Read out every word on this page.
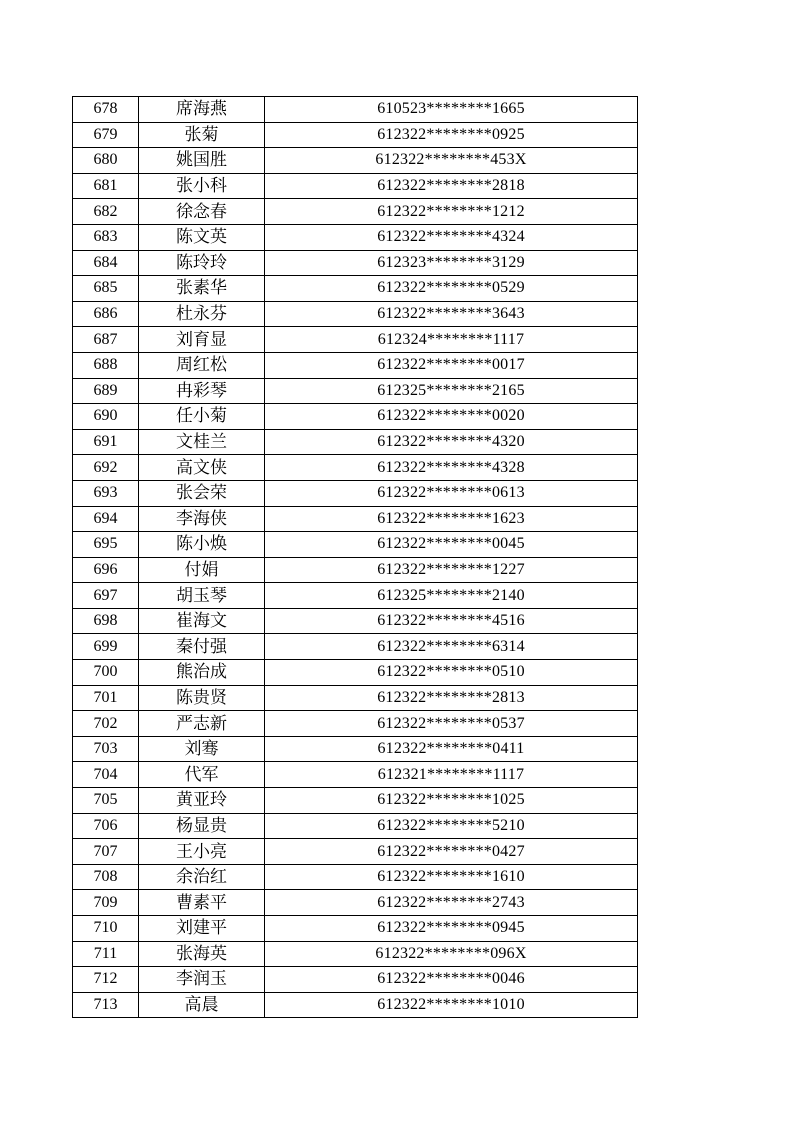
678	席海燕	610523********1665
679	张菊	612322********0925
680	姚国胜	612322********453X
681	张小科	612322********2818
682	徐念春	612322********1212
683	陈文英	612322********4324
684	陈玲玲	612323********3129
685	张素华	612322********0529
686	杜永芬	612322********3643
687	刘育显	612324********1117
688	周红松	612322********0017
689	冉彩琴	612325********2165
690	任小菊	612322********0020
691	文桂兰	612322********4320
692	高文侠	612322********4328
693	张会荣	612322********0613
694	李海侠	612322********1623
695	陈小焕	612322********0045
696	付娟	612322********1227
697	胡玉琴	612325********2140
698	崔海文	612322********4516
699	秦付强	612322********6314
700	熊治成	612322********0510
701	陈贵贤	612322********2813
702	严志新	612322********0537
703	刘骞	612322********0411
704	代军	612321********1117
705	黄亚玲	612322********1025
706	杨显贵	612322********5210
707	王小亮	612322********0427
708	余治红	612322********1610
709	曹素平	612322********2743
710	刘建平	612322********0945
711	张海英	612322********096X
712	李润玉	612322********0046
713	高晨	612322********1010
